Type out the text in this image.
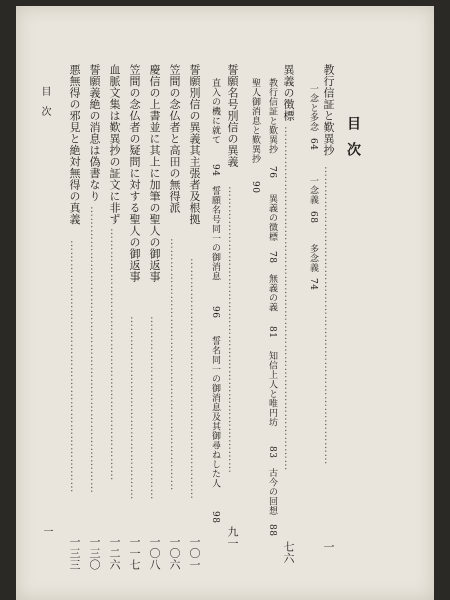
目次
教行信証と歎異抄
……………………………………………………………………
一
一念と多念
64
一念義
68
多念義
74
異義の徴標
………………………………………………………………………………
七六
教行信証と歎異抄
76
異義の徴標
78
無義の義
81
知信上人と唯円坊
83
古今の回想
88
聖人御消息と歎異抄
90
誓願名号別信の異義
…………………………………………………………………
九一
直入の機に就て
94
誓願名号同一の御消息
96
誓名同一の御消息及其御尋ねした人
98
誓願別信の異義其主張者及根拠
………………………………………………………
一〇一
笠間の念仏者と高田の無得派
…………………………………………………………
一〇六
慶信の上書並に其上に加筆の聖人の御返事
…………………………………………
一〇八
笠間の念仏者の疑問に対する聖人の御返事
…………………………………………
一一七
血脈文集は歎異抄の証文に非ず
…………………………………………………………
一二六
誓願義絶の消息は偽書なり
…………………………………………………………………
一三〇
悪無得の邪見と絶対無得の真義
…………………………………………………………
一三三
目次
一
